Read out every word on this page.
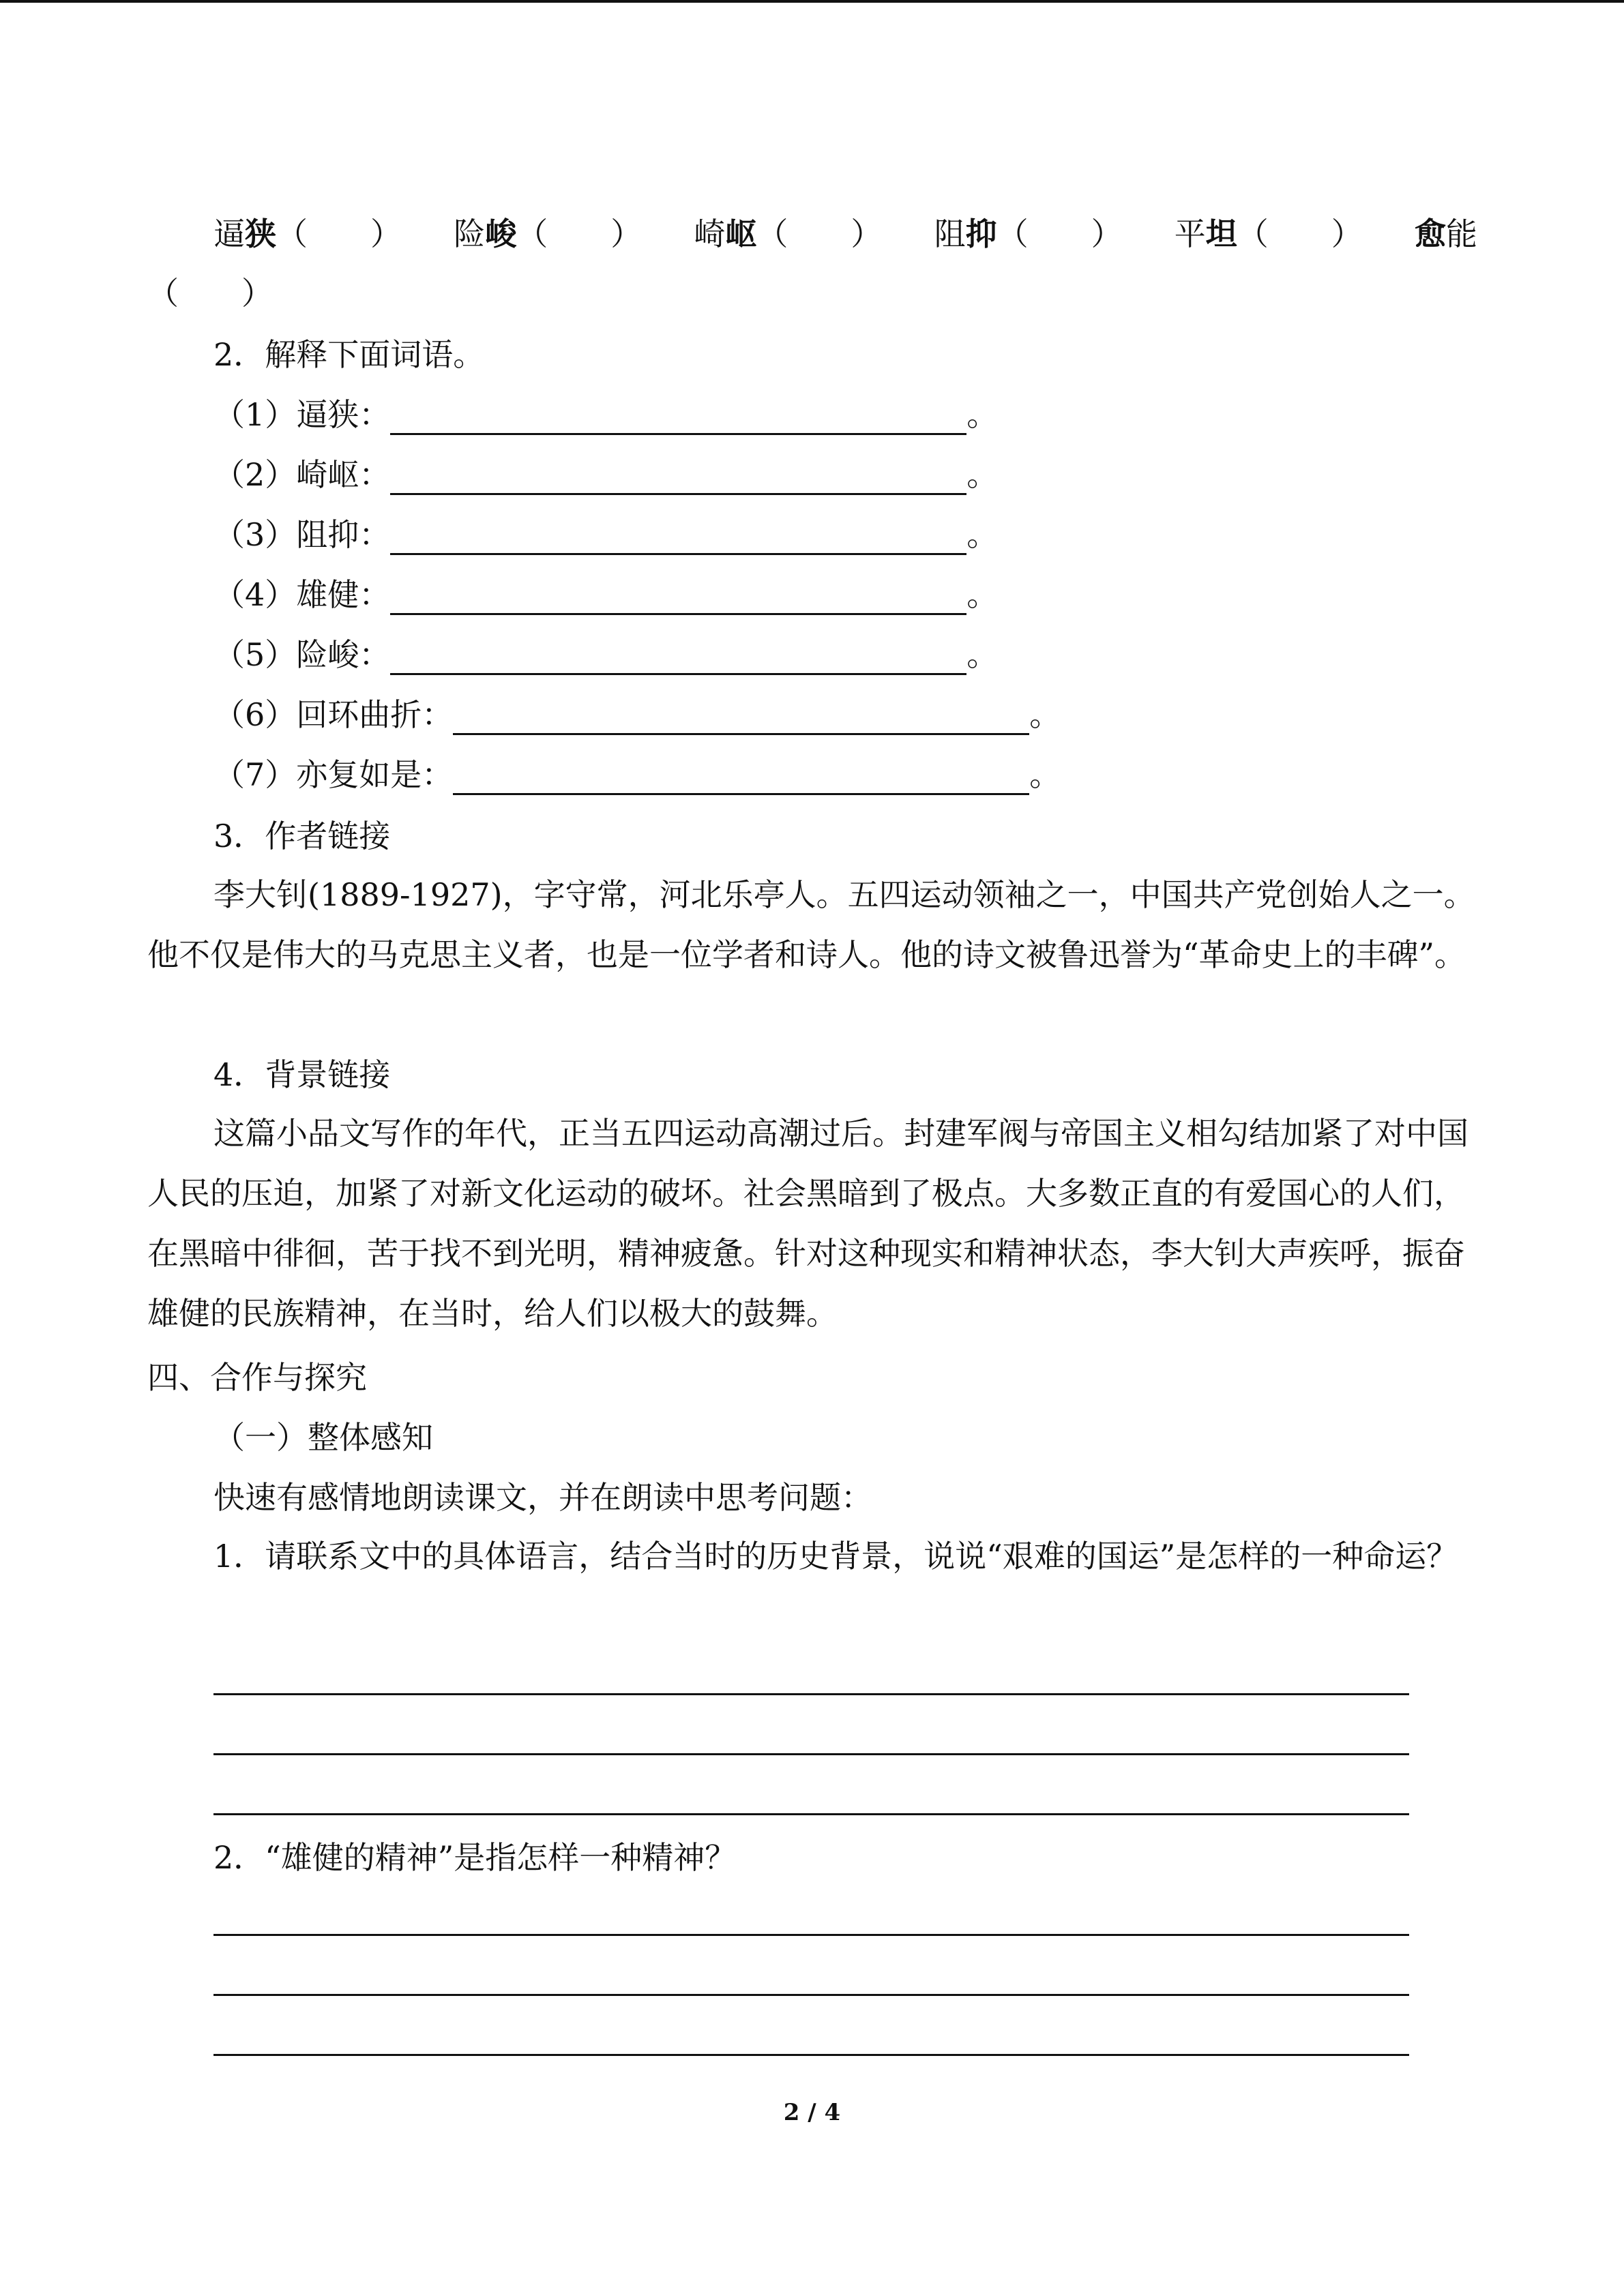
逼狭（　　） 险峻（　　） 崎岖（　　） 阻抑（　　） 平坦（　　） 愈能
（　　）
2．解释下面词语。
（1）逼狭：	。
（2）崎岖：	。
（3）阻抑：	。
（4）雄健：	。
（5）险峻：	。
（6）回环曲折：	。
（7）亦复如是：	。
3．作者链接
李大钊(1889-1927)，字守常，河北乐亭人。五四运动领袖之一，中国共产党创始人之一。他不仅是伟大的马克思主义者，也是一位学者和诗人。他的诗文被鲁迅誉为“革命史上的丰碑”。
4．背景链接
这篇小品文写作的年代，正当五四运动高潮过后。封建军阀与帝国主义相勾结加紧了对中国人民的压迫，加紧了对新文化运动的破坏。社会黑暗到了极点。大多数正直的有爱国心的人们，在黑暗中徘徊，苦于找不到光明，精神疲惫。针对这种现实和精神状态，李大钊大声疾呼，振奋雄健的民族精神，在当时，给人们以极大的鼓舞。
四、合作与探究
（一）整体感知
快速有感情地朗读课文，并在朗读中思考问题：
1．请联系文中的具体语言，结合当时的历史背景，说说“艰难的国运”是怎样的一种命运？
2．“雄健的精神”是指怎样一种精神？
2 / 4
